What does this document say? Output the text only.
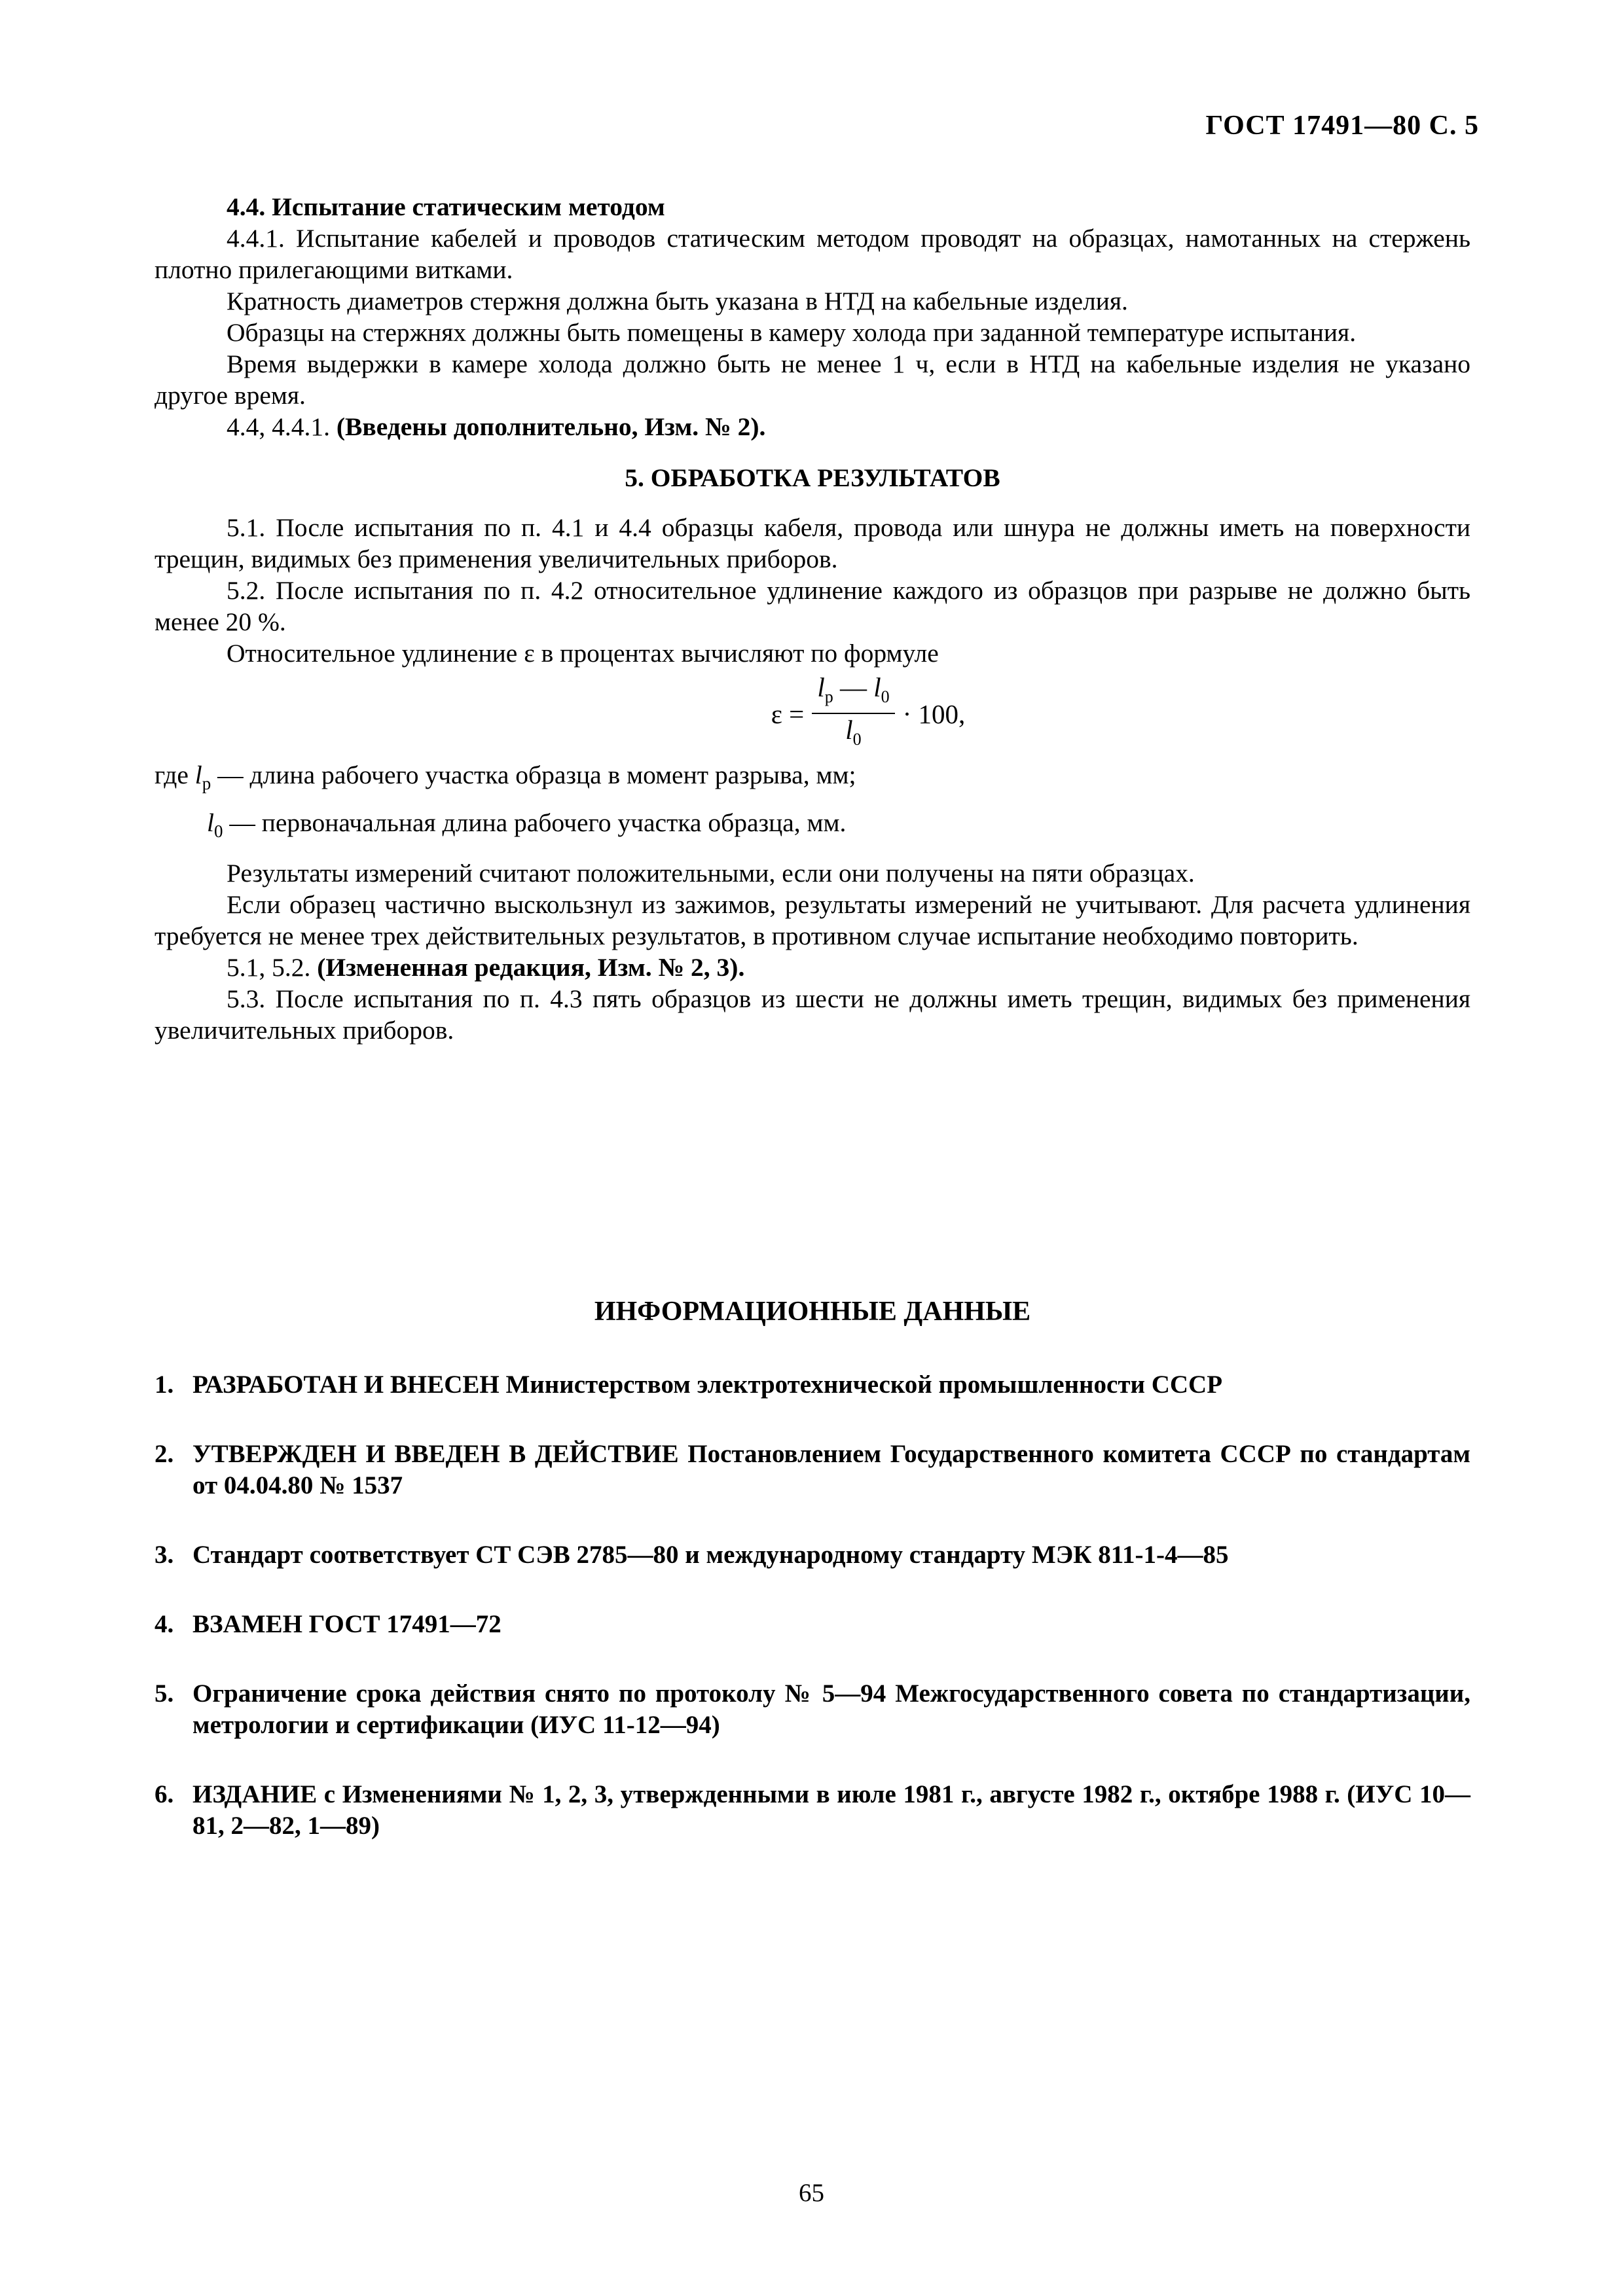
ГОСТ 17491—80 С. 5

4.4. Испытание статическим методом

4.4.1. Испытание кабелей и проводов статическим методом проводят на образцах, намотанных на стержень плотно прилегающими витками.

Кратность диаметров стержня должна быть указана в НТД на кабельные изделия.

Образцы на стержнях должны быть помещены в камеру холода при заданной температуре испытания.

Время выдержки в камере холода должно быть не менее 1 ч, если в НТД на кабельные изделия не указано другое время.

4.4, 4.4.1. (Введены дополнительно, Изм. № 2).

5. ОБРАБОТКА РЕЗУЛЬТАТОВ

5.1. После испытания по п. 4.1 и 4.4 образцы кабеля, провода или шнура не должны иметь на поверхности трещин, видимых без применения увеличительных приборов.

5.2. После испытания по п. 4.2 относительное удлинение каждого из образцов при разрыве не должно быть менее 20 %.

Относительное удлинение ε в процентах вычисляют по формуле

$\varepsilon = \frac{l_р — l_0}{l_0} \cdot 100$,

где $l_р$ — длина рабочего участка образца в момент разрыва, мм;

$l_0$ — первоначальная длина рабочего участка образца, мм.

Результаты измерений считают положительными, если они получены на пяти образцах.

Если образец частично выскользнул из зажимов, результаты измерений не учитывают. Для расчета удлинения требуется не менее трех действительных результатов, в противном случае испытание необходимо повторить.

5.1, 5.2. (Измененная редакция, Изм. № 2, 3).

5.3. После испытания по п. 4.3 пять образцов из шести не должны иметь трещин, видимых без применения увеличительных приборов.

ИНФОРМАЦИОННЫЕ ДАННЫЕ
1. РАЗРАБОТАН И ВНЕСЕН Министерством электротехнической промышленности СССР
2. УТВЕРЖДЕН И ВВЕДЕН В ДЕЙСТВИЕ Постановлением Государственного комитета СССР по стандартам от 04.04.80 № 1537
3. Стандарт соответствует СТ СЭВ 2785—80 и международному стандарту МЭК 811-1-4—85
4. ВЗАМЕН ГОСТ 17491—72
5. Ограничение срока действия снято по протоколу № 5—94 Межгосударственного совета по стандартизации, метрологии и сертификации (ИУС 11-12—94)
6. ИЗДАНИЕ с Изменениями № 1, 2, 3, утвержденными в июле 1981 г., августе 1982 г., октябре 1988 г. (ИУС 10—81, 2—82, 1—89)
65
